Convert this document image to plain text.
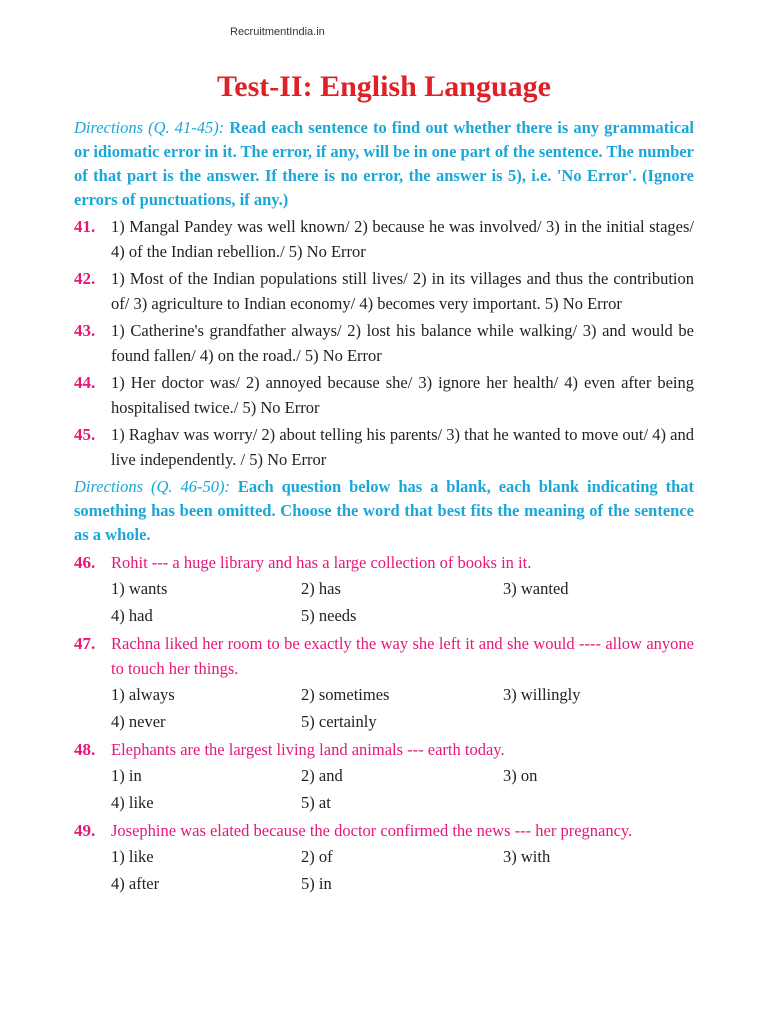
RecruitmentIndia.in
Test-II: English Language

Directions (Q. 41-45): Read each sentence to find out whether there is any grammatical or idiomatic error in it. The error, if any, will be in one part of the sentence. The number of that part is the answer. If there is no error, the answer is 5), i.e. 'No Error'. (Ignore errors of punctuations, if any.)

41. 1) Mangal Pandey was well known/ 2) because he was involved/ 3) in the initial stages/ 4) of the Indian rebellion./ 5) No Error
42. 1) Most of the Indian populations still lives/ 2) in its villages and thus the contribution of/ 3) agriculture to Indian economy/ 4) becomes very important. 5) No Error
43. 1) Catherine's grandfather always/ 2) lost his balance while walking/ 3) and would be found fallen/ 4) on the road./ 5) No Error
44. 1) Her doctor was/ 2) annoyed because she/ 3) ignore her health/ 4) even after being hospitalised twice./ 5) No Error
45. 1) Raghav was worry/ 2) about telling his parents/ 3) that he wanted to move out/ 4) and live independently. / 5) No Error

Directions (Q. 46-50): Each question below has a blank, each blank indicating that something has been omitted. Choose the word that best fits the meaning of the sentence as a whole.

46. Rohit --- a huge library and has a large collection of books in it.
1) wants	2) has	3) wanted
4) had	5) needs
47. Rachna liked her room to be exactly the way she left it and she would ---- allow anyone to touch her things.
1) always	2) sometimes	3) willingly
4) never	5) certainly
48. Elephants are the largest living land animals --- earth today.
1) in	2) and	3) on
4) like	5) at
49. Josephine was elated because the doctor confirmed the news --- her pregnancy.
1) like	2) of	3) with
4) after	5) in
